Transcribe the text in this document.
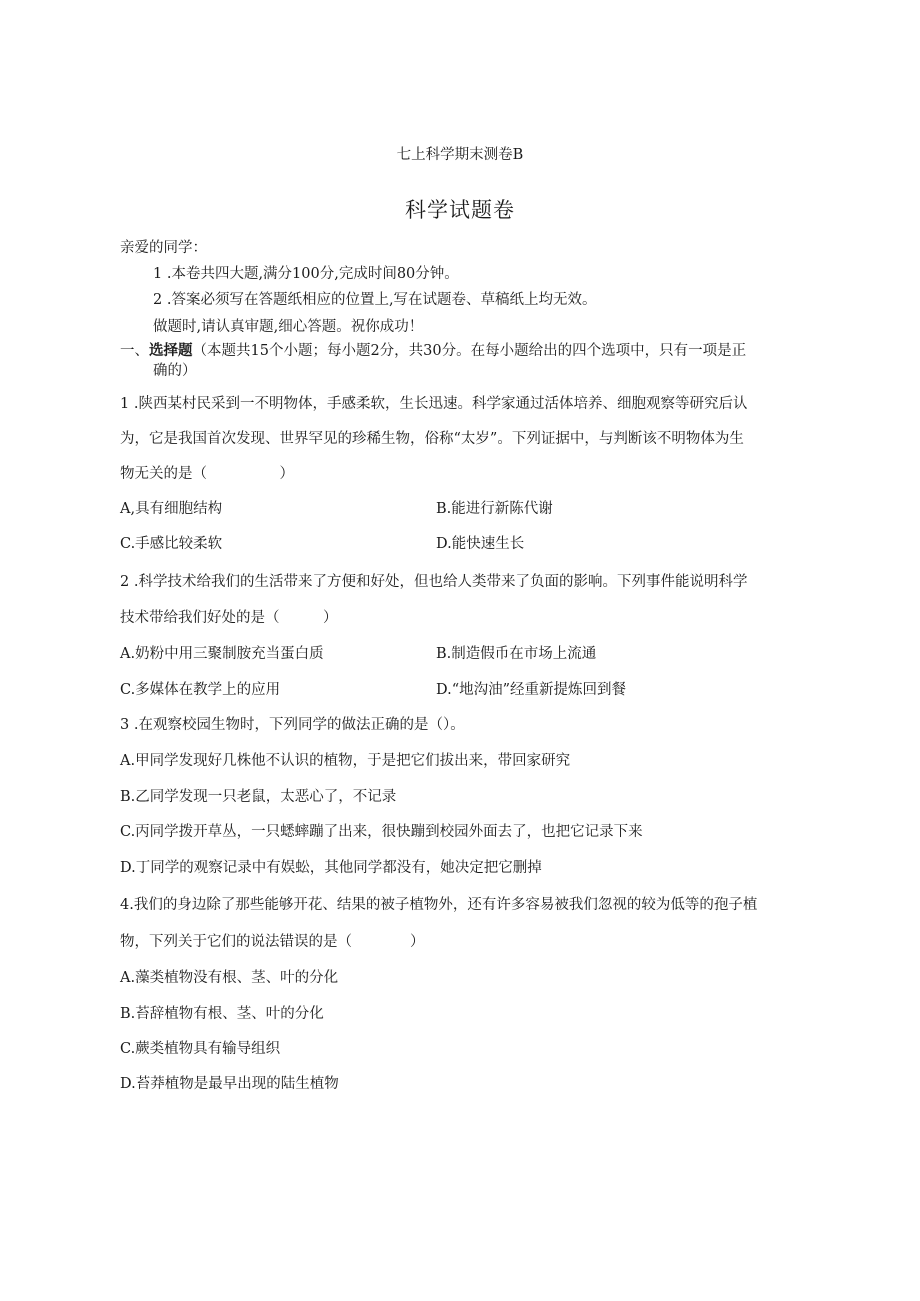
七上科学期末测卷B
科学试题卷
亲爱的同学：
1 .本卷共四大题,满分100分,完成时间80分钟。
2 .答案必须写在答题纸相应的位置上,写在试题卷、草稿纸上均无效。
做题时,请认真审题,细心答题。祝你成功！
一、选择题（本题共15个小题；每小题2分，共30分。在每小题给出的四个选项中，只有一项是正
确的）
1 .陕西某村民采到一不明物体，手感柔软，生长迅速。科学家通过活体培养、细胞观察等研究后认
为，它是我国首次发现、世界罕见的珍稀生物，俗称“太岁”。下列证据中，与判断该不明物体为生
物无关的是（　　　　　）
A,具有细胞结构	B.能进行新陈代谢
C.手感比较柔软	D.能快速生长
2 .科学技术给我们的生活带来了方便和好处，但也给人类带来了负面的影响。下列事件能说明科学
技术带给我们好处的是（　　　）
A.奶粉中用三聚制胺充当蛋白质	B.制造假币在市场上流通
C.多媒体在教学上的应用	D.“地沟油”经重新提炼回到餐
3 .在观察校园生物时，下列同学的做法正确的是（）。
A.甲同学发现好几株他不认识的植物，于是把它们拔出来，带回家研究
B.乙同学发现一只老鼠，太恶心了，不记录
C.丙同学拨开草丛，一只蟋蟀蹦了出来，很快蹦到校园外面去了，也把它记录下来
D.丁同学的观察记录中有娱蚣，其他同学都没有，她决定把它删掉
4.我们的身边除了那些能够开花、结果的被子植物外，还有许多容易被我们忽视的较为低等的孢子植
物，下列关于它们的说法错误的是（　　　　）
A.藻类植物没有根、茎、叶的分化
B.苔辞植物有根、茎、叶的分化
C.蕨类植物具有输导组织
D.苔莽植物是最早出现的陆生植物
